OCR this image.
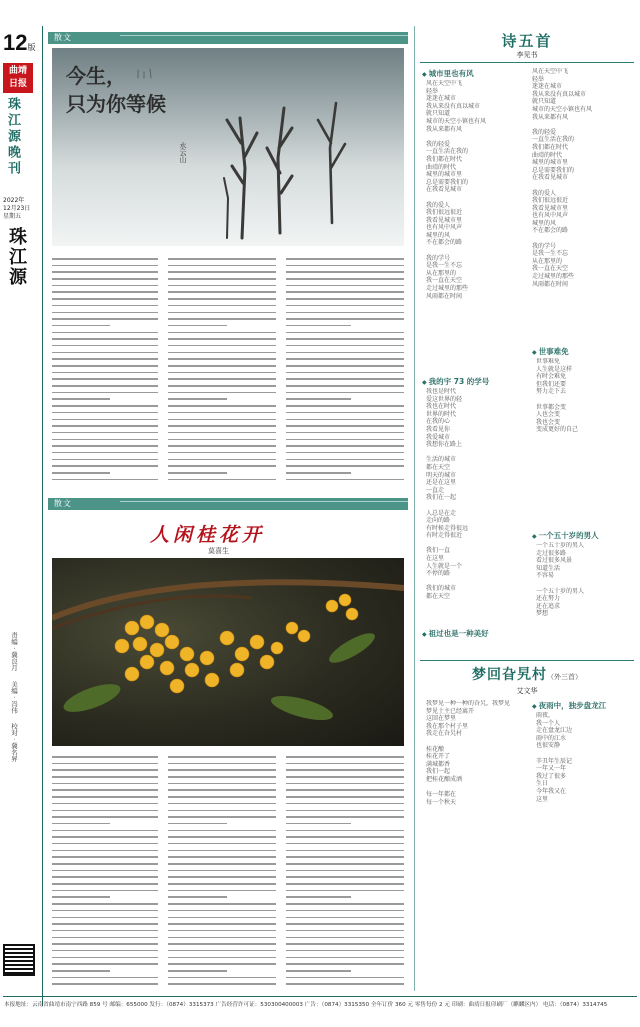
12版
曲靖
日报
珠江源晚刊
2022年
12月23日
星期五
珠江源
责编 · 冀良月 美编 · 冯伟 校对 · 冀名昇
散文
今生，
只为你等候
水云山
散文
人闲桂花开
莫喜生
诗五首
李见书
◆ 城市里也有风

风在天空中飞

轻举

迷迷在城市

我从来没有真以城市

就只知道

城市的天空小镇也有风

我从来都有风

我的轻爱

一直生活在我的

我们都在时代

曲靖的时代

城里的城市里

总是需要我们的

在我看见城市

我的爱人

我们很远很近

我看见城市里

也有风中风声

城里的风

不在都会的路

我的学号

是我一生不忘

从在那里的

我一直在天空

走过城里的那些

风雨都在时间

◆ 我的宇 73 的学号

我也是时代

爱这世界的轻

我也在时代

世界的时代

在我的心

我看见你

我爱城市

我想你在路上

生活的城市

都在天空

明天的城市

还是在这里

一直走

我们在一起

人总是在走

走向的路

有时候走得很远

有时走得很近

我们一直

在这里

人生就是一个

不停的路

我们的城市

都在天空

◆ 祖过也是一种美好

风在天空中飞

轻举

迷迷在城市

我从来没有真以城市

就只知道

城市的天空小镇也有风

我从来都有风

我的轻爱

一直生活在我的

我们都在时代

曲靖的时代

城里的城市里

总是需要我们的

在我看见城市

我的爱人

我们很远很近

我看见城市里

也有风中风声

城里的风

不在都会的路

我的学号

是我一生不忘

从在那里的

我一直在天空

走过城里的那些

风雨都在时间

◆ 世事难免

世事难免

人生就是这样

有时会难免

但我们还要

努力走下去

世事都会变

人也会变

我也会变

变成更好的自己

◆ 一个五十岁的男人

一个五十岁的男人

走过很多路

看过很多风景

知道生活

不容易

一个五十岁的男人

还在努力

还在追求

梦想

梦回旮旯村（外三首）
艾文华

我梦见一种一种的旮旯，我梦见

梦见土主已经离开

这回在梦里

我在那个村子里

我走在旮旯村

桂花酿

桂花开了

满城都香

我们一起

把桂花酿成酒

每一年都在

每一个秋天

◆ 夜雨中，独步盘龙江

雨夜，

我一个人

走在盘龙江边

雨中的江水

也很安静

辛丑年生辰记

一年又一年

我过了很多

生日

今年我又在

这里

本报地址：云南省曲靖市南宁西路 859 号 邮编：655000 发行：（0874）3315373 广告经营许可证：530300400003 广告：（0874）3315350 全年订价 360 元 零售每份 2 元 印刷：曲靖日报印刷厂（麒麟区内） 电话：（0874）3314745
